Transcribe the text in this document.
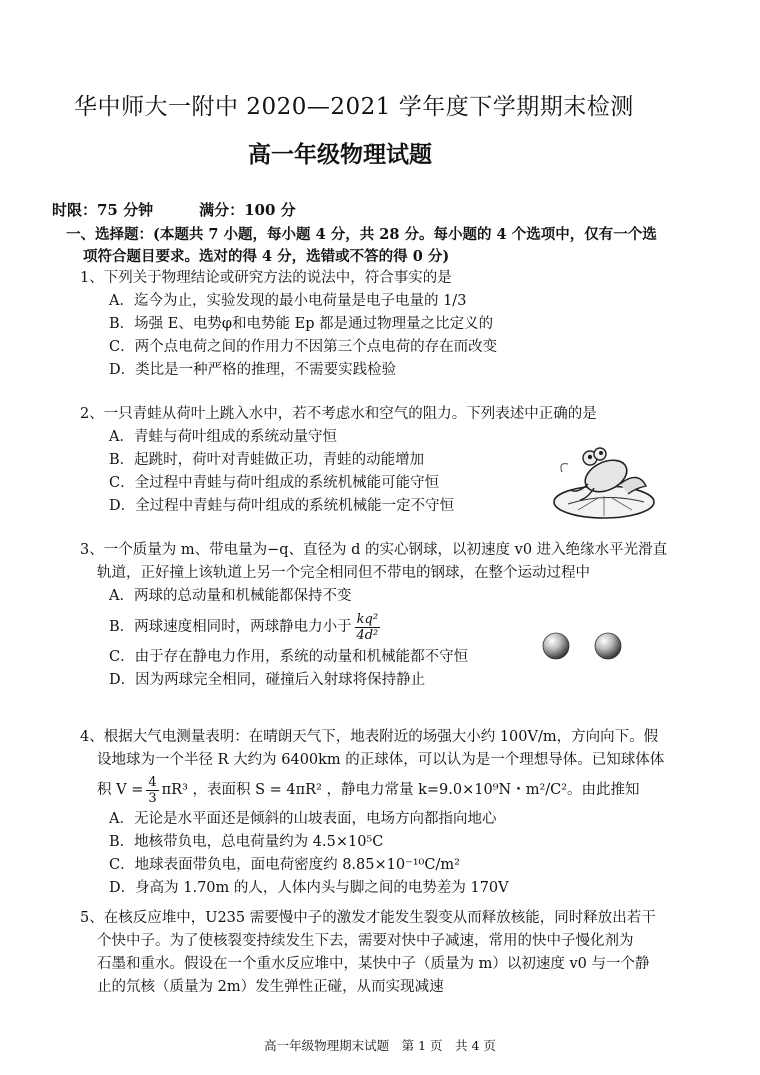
华中师大一附中 2020—2021 学年度下学期期末检测
高一年级物理试题
时限：75 分钟	满分：100 分
一、选择题：(本题共 7 小题，每小题 4 分，共 28 分。每小题的 4 个选项中，仅有一个选
项符合题目要求。选对的得 4 分，选错或不答的得 0 分)
1、下列关于物理结论或研究方法的说法中，符合事实的是
A．迄今为止，实验发现的最小电荷量是电子电量的 1/3
B．场强 E、电势φ和电势能 Ep 都是通过物理量之比定义的
C．两个点电荷之间的作用力不因第三个点电荷的存在而改变
D．类比是一种严格的推理，不需要实践检验
2、一只青蛙从荷叶上跳入水中，若不考虑水和空气的阻力。下列表述中正确的是
A．青蛙与荷叶组成的系统动量守恒
B．起跳时，荷叶对青蛙做正功，青蛙的动能增加
C．全过程中青蛙与荷叶组成的系统机械能可能守恒
D．全过程中青蛙与荷叶组成的系统机械能一定不守恒
3、一个质量为 m、带电量为−q、直径为 d 的实心钢球，以初速度 v0 进入绝缘水平光滑直
轨道，正好撞上该轨道上另一个完全相同但不带电的钢球，在整个运动过程中
A．两球的总动量和机械能都保持不变
B．两球速度相同时，两球静电力小于 $\frac{\text{kq²}}{\text{4d²}}$
C．由于存在静电力作用，系统的动量和机械能都不守恒
D．因为两球完全相同，碰撞后入射球将保持静止
4、根据大气电测量表明：在晴朗天气下，地表附近的场强大小约 100V/m，方向向下。假
设地球为一个半径 R 大约为 6400km 的正球体，可以认为是一个理想导体。已知球体体
积 $V = \frac{4}{3} \pi R^3$ ，表面积 S = 4πR² ，静电力常量 k=9.0×10⁹N・m²/C²。由此推知
A．无论是水平面还是倾斜的山坡表面，电场方向都指向地心
B．地核带负电，总电荷量约为 4.5×10⁵C
C．地球表面带负电，面电荷密度约 8.85×10⁻¹⁰C/m²
D．身高为 1.70m 的人，人体内头与脚之间的电势差为 170V
5、在核反应堆中，U235 需要慢中子的激发才能发生裂变从而释放核能，同时释放出若干
个快中子。为了使核裂变持续发生下去，需要对快中子减速，常用的快中子慢化剂为
石墨和重水。假设在一个重水反应堆中，某快中子（质量为 m）以初速度 v0 与一个静
止的氘核（质量为 2m）发生弹性正碰，从而实现减速
高一年级物理期末试题　第 1 页　共 4 页
